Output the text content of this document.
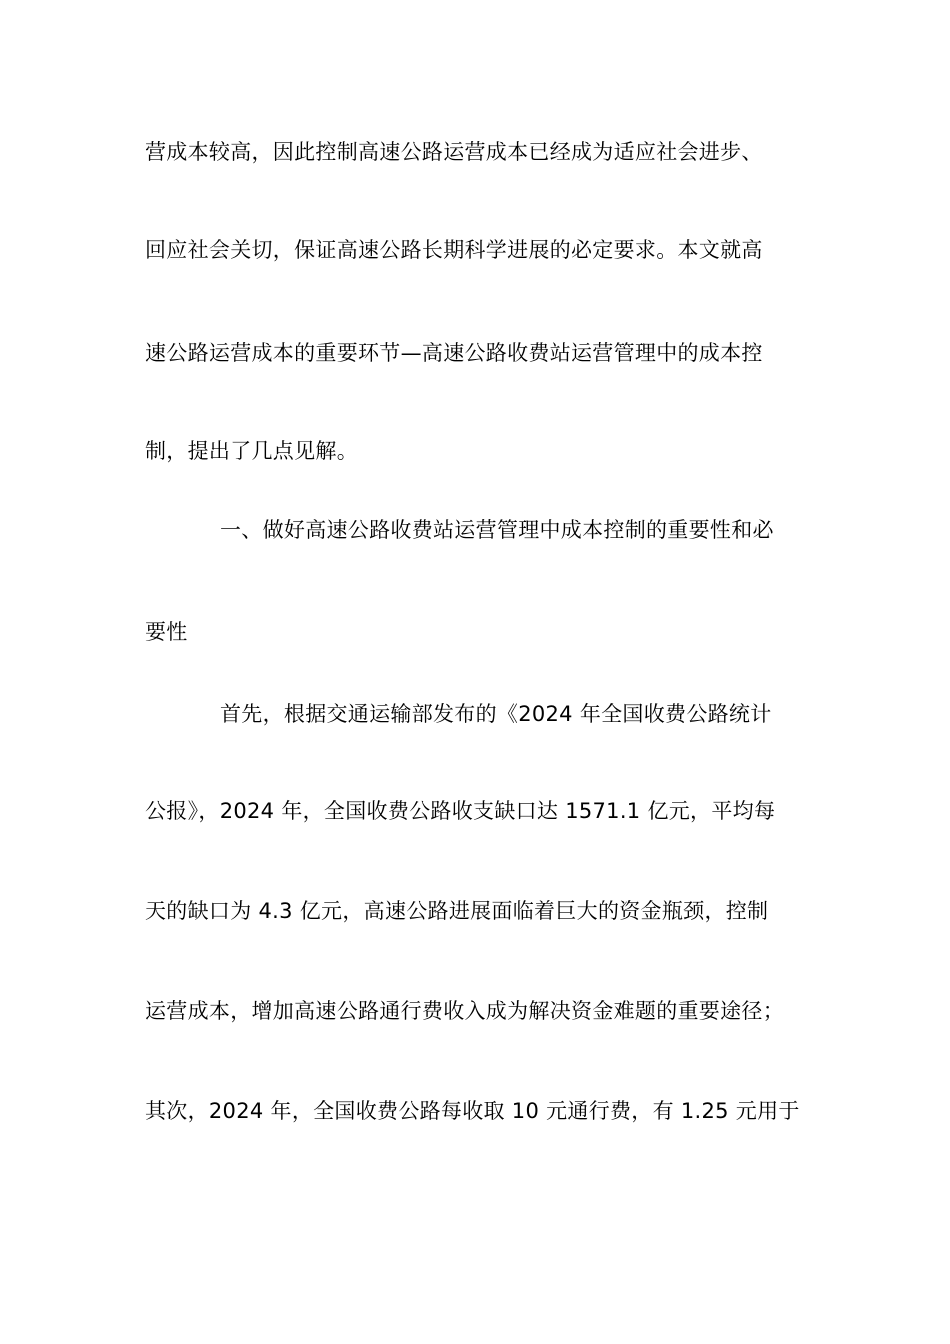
营成本较高，因此控制高速公路运营成本已经成为适应社会进步、
回应社会关切，保证高速公路长期科学进展的必定要求。本文就高
速公路运营成本的重要环节—高速公路收费站运营管理中的成本控
制，提出了几点见解。
一、做好高速公路收费站运营管理中成本控制的重要性和必
要性
首先，根据交通运输部发布的《2024 年全国收费公路统计
公报》，2024 年，全国收费公路收支缺口达 1571.1 亿元，平均每
天的缺口为 4.3 亿元，高速公路进展面临着巨大的资金瓶颈，控制
运营成本，增加高速公路通行费收入成为解决资金难题的重要途径；
其次，2024 年，全国收费公路每收取 10 元通行费，有 1.25 元用于
